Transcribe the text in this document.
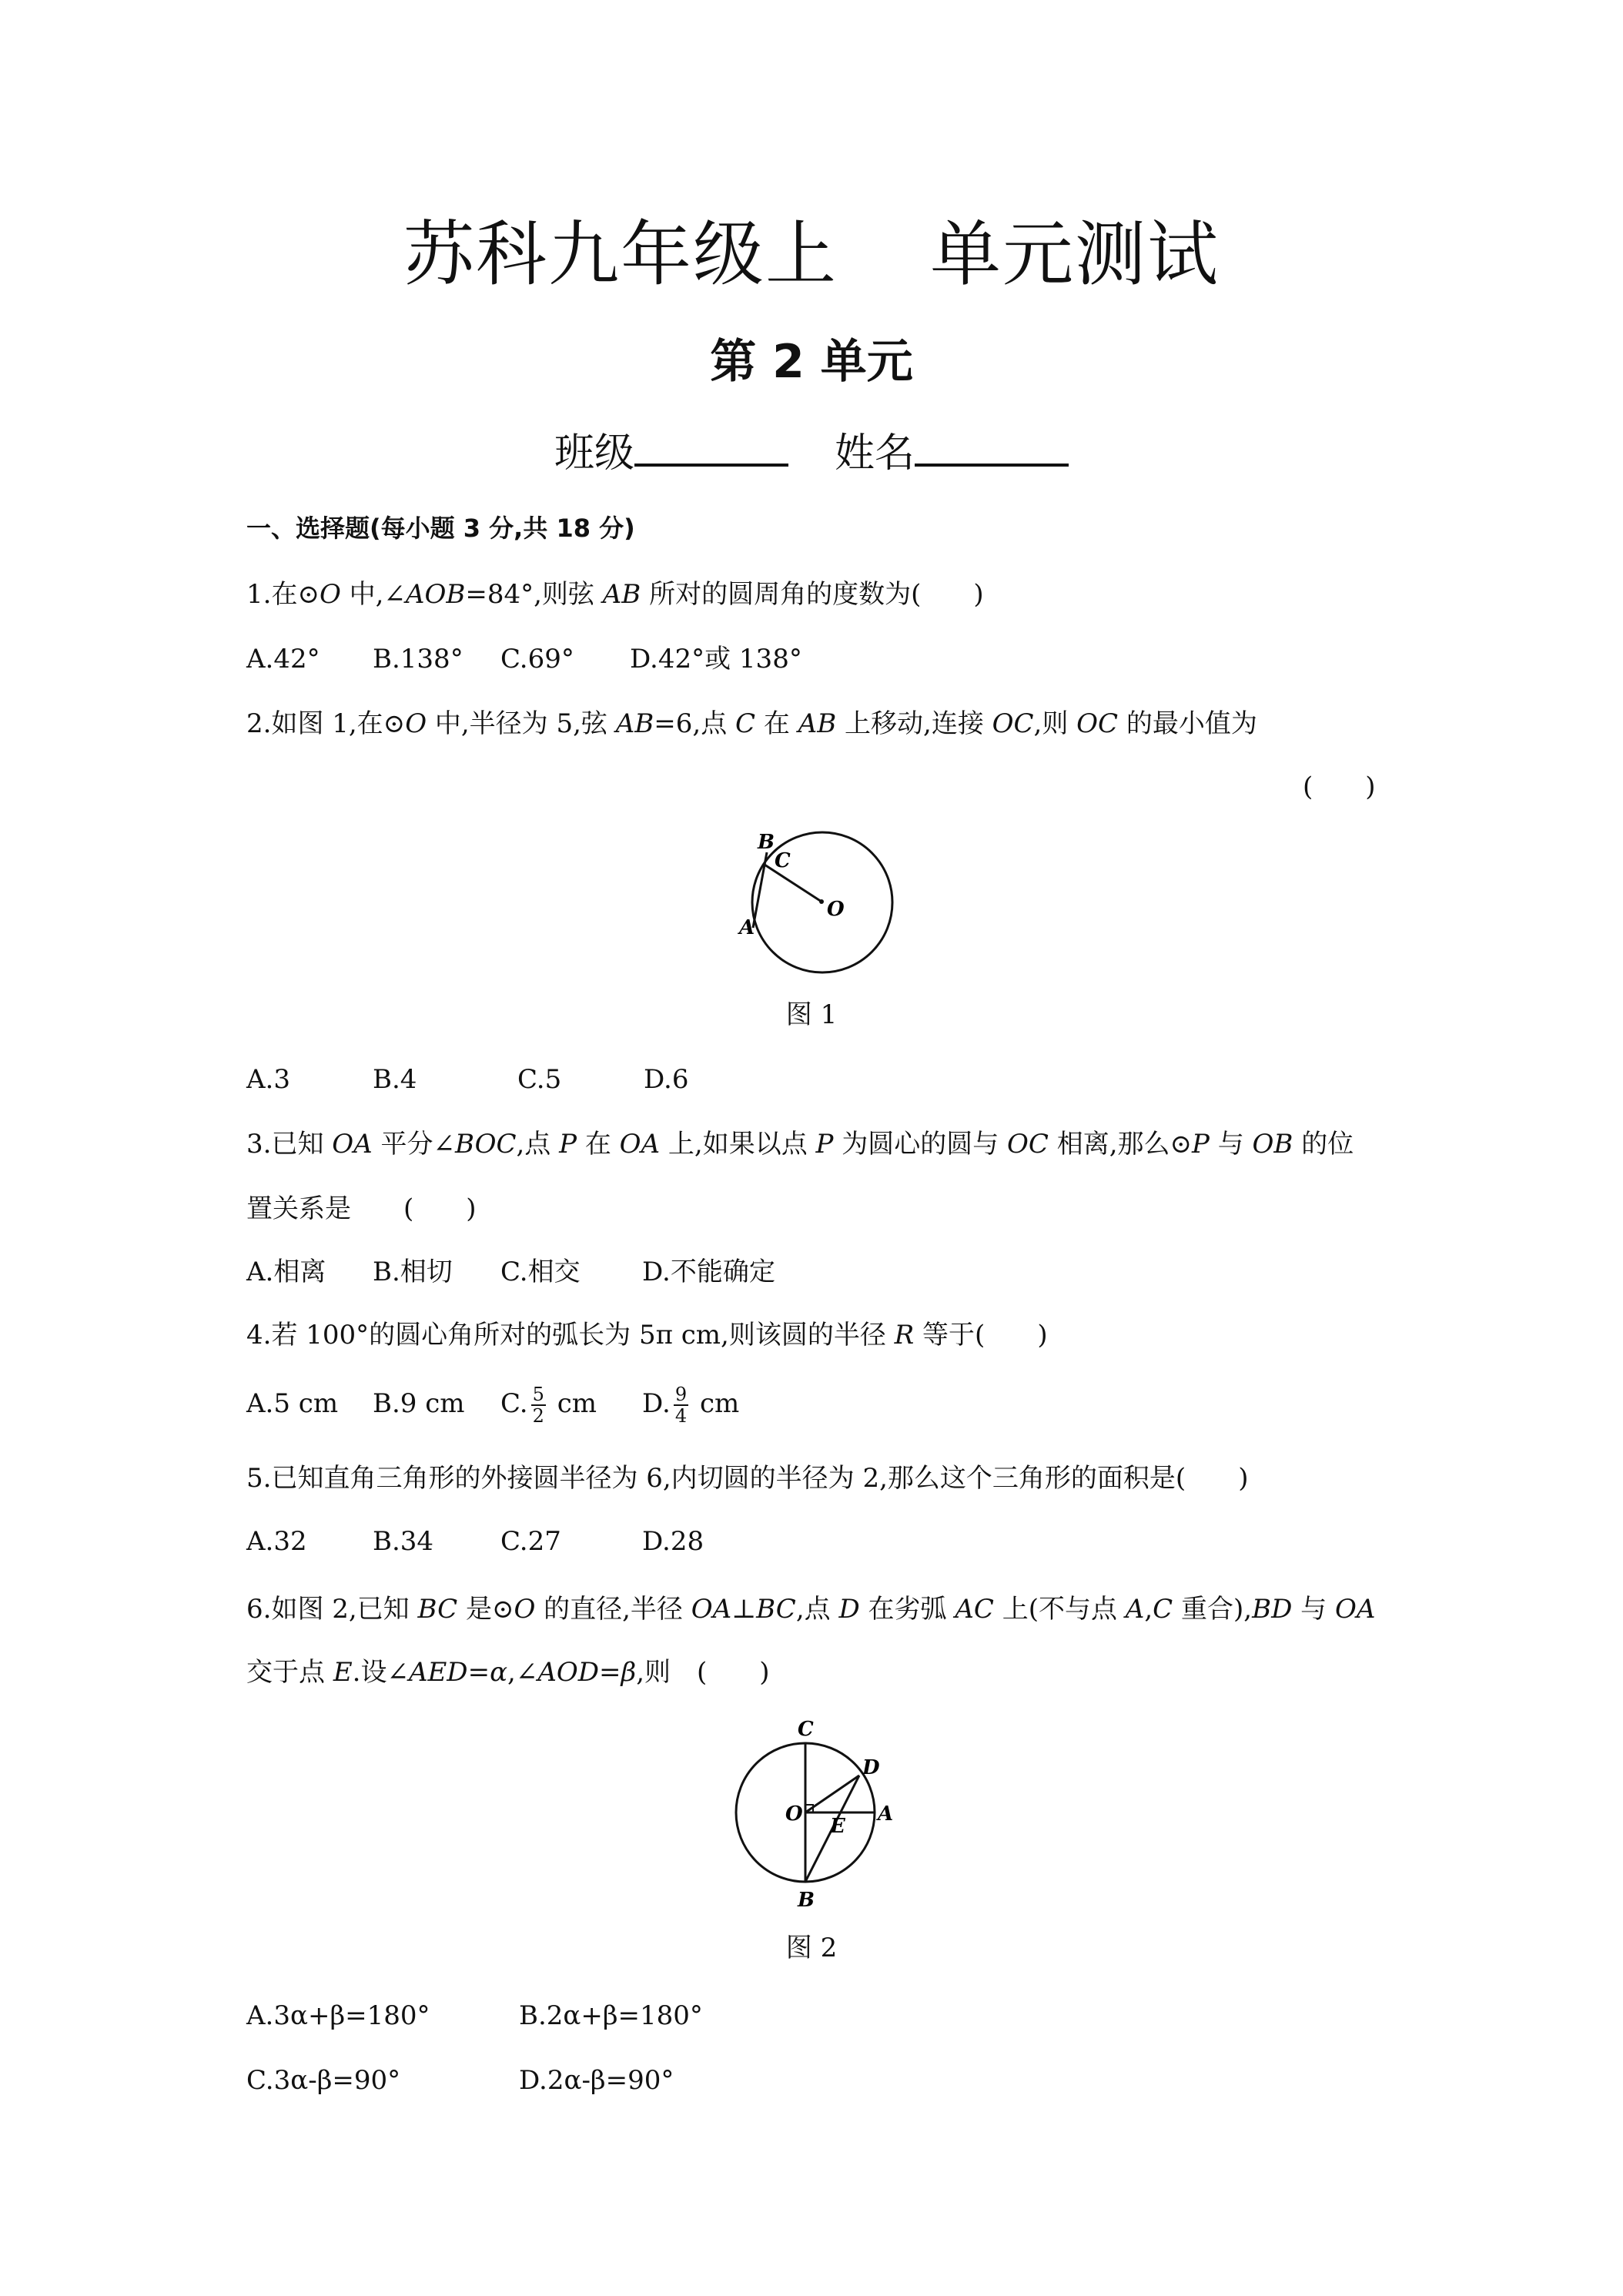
苏科九年级上 单元测试
第 2 单元
班级	姓名
一、选择题(每小题 3 分,共 18 分)
1.在⊙O 中,∠AOB=84°,则弦 AB 所对的圆周角的度数为(　　)
A.42° B.138° C.69° D.42°或 138°
2.如图 1,在⊙O 中,半径为 5,弦 AB=6,点 C 在 AB 上移动,连接 OC,则 OC 的最小值为
(　　)
B
C
A
O
图 1
A.3	B.4	C.5	D.6
3.已知 OA 平分∠BOC,点 P 在 OA 上,如果以点 P 为圆心的圆与 OC 相离,那么⊙P 与 OB 的位
置关系是　　(　　)
A.相离 B.相切 C.相交 D.不能确定
4.若 100°的圆心角所对的弧长为 5π cm,则该圆的半径 R 等于(　　)
A.5 cm B.9 cm C. $\frac{5}{2}$ cm D. $\frac{9}{4}$ cm
5.已知直角三角形的外接圆半径为 6,内切圆的半径为 2,那么这个三角形的面积是(　　)
A.32	B.34	C.27	D.28
6.如图 2,已知 BC 是⊙O 的直径,半径 OA⊥BC,点 D 在劣弧 AC 上(不与点 A,C 重合),BD 与 OA
交于点 E.设∠AED=α,∠AOD=β,则　(　　)
C
D
O
E
A
B
图 2
A.3α+β=180°	B.2α+β=180°
C.3α-β=90°	D.2α-β=90°
